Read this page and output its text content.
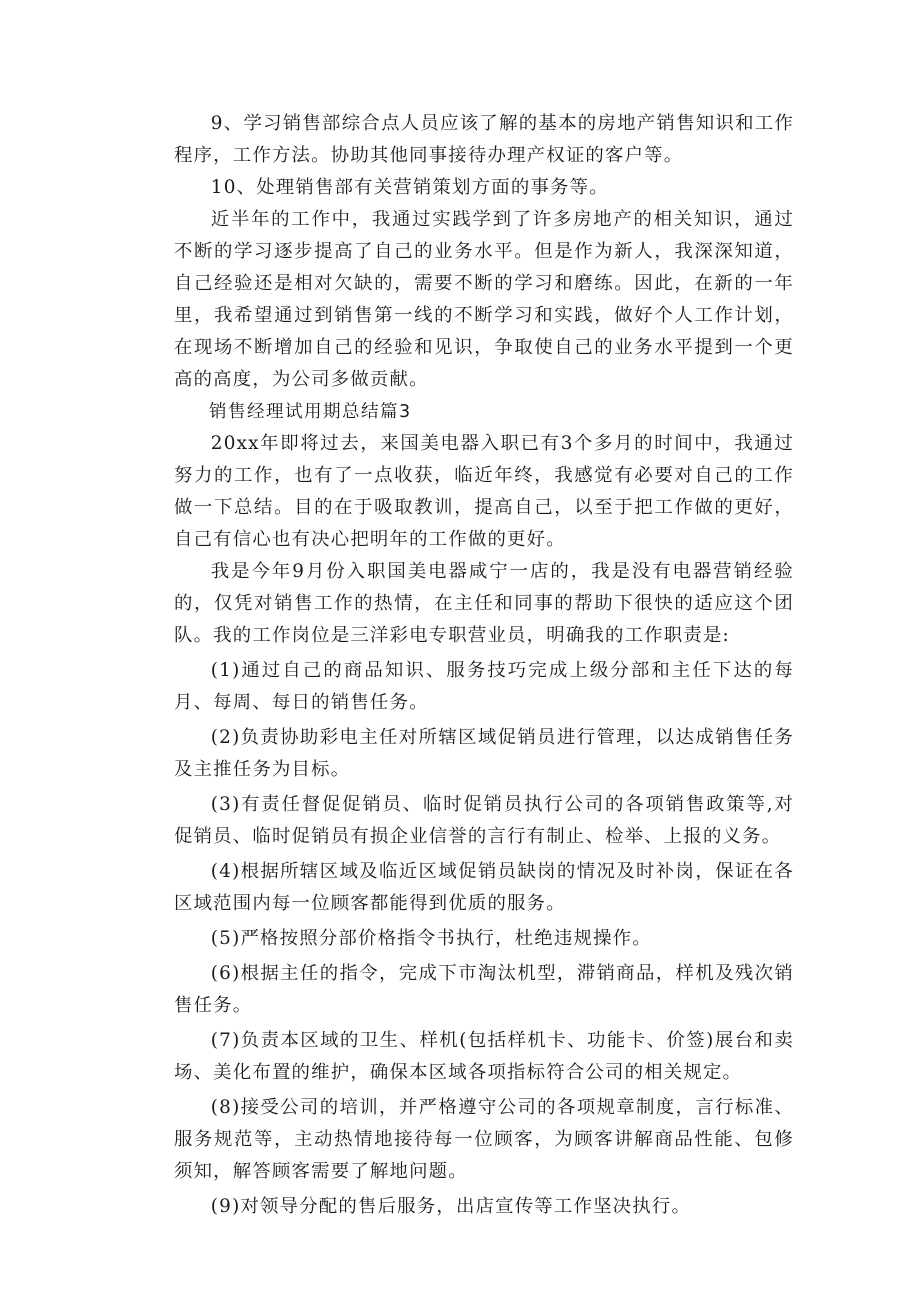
9、学习销售部综合点人员应该了解的基本的房地产销售知识和工作程序，工作方法。协助其他同事接待办理产权证的客户等。

10、处理销售部有关营销策划方面的事务等。

近半年的工作中，我通过实践学到了许多房地产的相关知识，通过不断的学习逐步提高了自己的业务水平。但是作为新人，我深深知道，自己经验还是相对欠缺的，需要不断的学习和磨练。因此，在新的一年里，我希望通过到销售第一线的不断学习和实践，做好个人工作计划，在现场不断增加自己的经验和见识，争取使自己的业务水平提到一个更高的高度，为公司多做贡献。

销售经理试用期总结篇3

20xx年即将过去，来国美电器入职已有3个多月的时间中，我通过努力的工作，也有了一点收获，临近年终，我感觉有必要对自己的工作做一下总结。目的在于吸取教训，提高自己，以至于把工作做的更好，自己有信心也有决心把明年的工作做的更好。

我是今年9月份入职国美电器咸宁一店的，我是没有电器营销经验的，仅凭对销售工作的热情，在主任和同事的帮助下很快的适应这个团队。我的工作岗位是三洋彩电专职营业员，明确我的工作职责是:

(1)通过自己的商品知识、服务技巧完成上级分部和主任下达的每月、每周、每日的销售任务。

(2)负责协助彩电主任对所辖区域促销员进行管理，以达成销售任务及主推任务为目标。

(3)有责任督促促销员、临时促销员执行公司的各项销售政策等,对促销员、临时促销员有损企业信誉的言行有制止、检举、上报的义务。

(4)根据所辖区域及临近区域促销员缺岗的情况及时补岗，保证在各区域范围内每一位顾客都能得到优质的服务。

(5)严格按照分部价格指令书执行，杜绝违规操作。

(6)根据主任的指令，完成下市淘汰机型，滞销商品，样机及残次销售任务。

(7)负责本区域的卫生、样机(包括样机卡、功能卡、价签)展台和卖场、美化布置的维护，确保本区域各项指标符合公司的相关规定。

(8)接受公司的培训，并严格遵守公司的各项规章制度，言行标准、服务规范等，主动热情地接待每一位顾客，为顾客讲解商品性能、包修须知，解答顾客需要了解地问题。

(9)对领导分配的售后服务，出店宣传等工作坚决执行。
